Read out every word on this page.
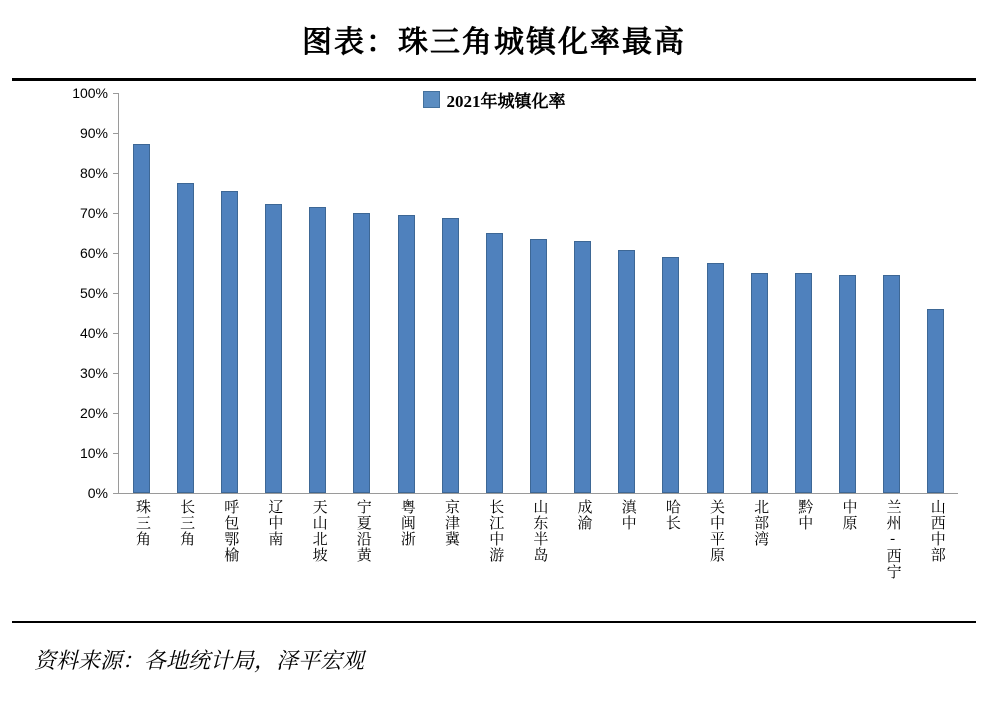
图表：珠三角城镇化率最高
2021年城镇化率
100%
90%
80%
70%
60%
50%
40%
30%
20%
10%
0%
珠三角 长三角 呼包鄂榆 辽中南 天山北坡 宁夏沿黄 粤闽浙 京津冀 长江中游 山东半岛 成渝 滇中 哈长 关中平原 北部湾 黔中 中原 兰州-西宁 山西中部
资料来源：各地统计局，泽平宏观
